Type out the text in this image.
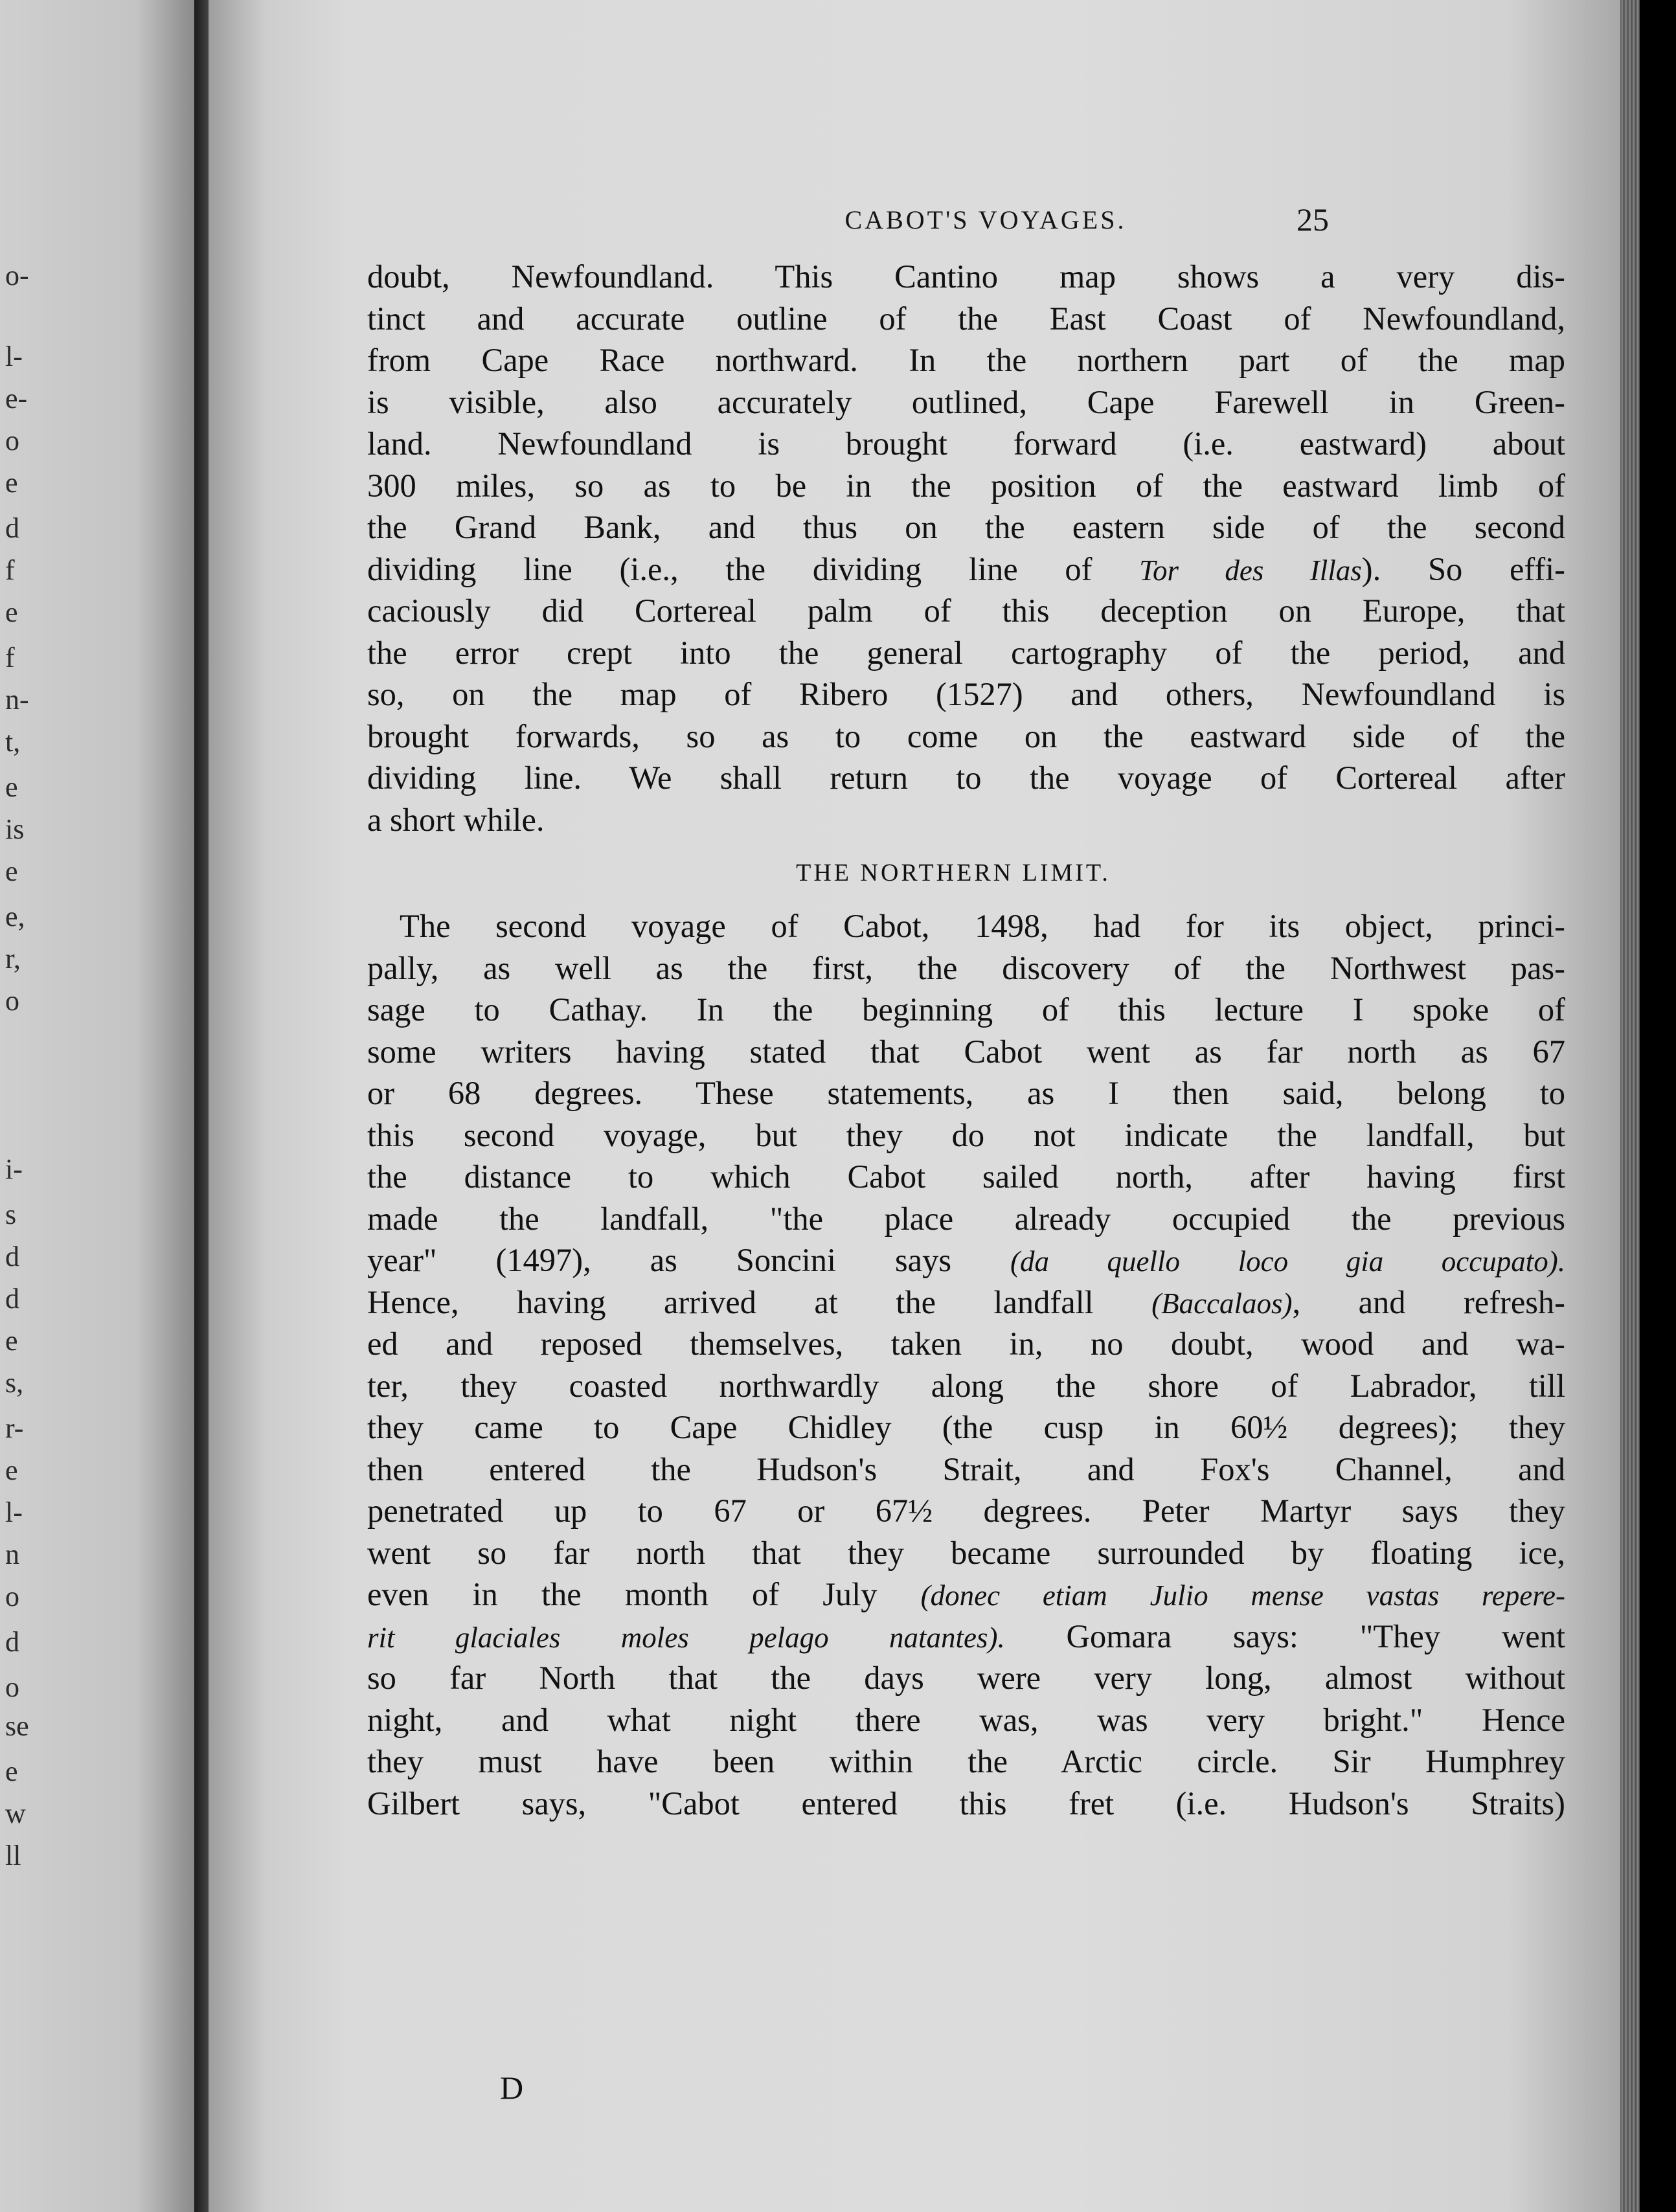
o-
l-
e-
o
e
d
f
e
f
n-
t,
e
is
e
e,
r,
o
i-
s
d
d
e
s,
r-
e
l-
n
o
d
o
se
e
w
ll
CABOT'S VOYAGES.	25
doubt, Newfoundland. This Cantino map shows a very dis-
tinct and accurate outline of the East Coast of Newfoundland,
from Cape Race northward. In the northern part of the map
is visible, also accurately outlined, Cape Farewell in Green-
land. Newfoundland is brought forward (i.e. eastward) about
300 miles, so as to be in the position of the eastward limb of
the Grand Bank, and thus on the eastern side of the second
dividing line (i.e., the dividing line of Tor des Illas). So effi-
caciously did Cortereal palm of this deception on Europe, that
the error crept into the general cartography of the period, and
so, on the map of Ribero (1527) and others, Newfoundland is
brought forwards, so as to come on the eastward side of the
dividing line. We shall return to the voyage of Cortereal after
a short while.
THE NORTHERN LIMIT.
The second voyage of Cabot, 1498, had for its object, princi-
pally, as well as the first, the discovery of the Northwest pas-
sage to Cathay. In the beginning of this lecture I spoke of
some writers having stated that Cabot went as far north as 67
or 68 degrees. These statements, as I then said, belong to
this second voyage, but they do not indicate the landfall, but
the distance to which Cabot sailed north, after having first
made the landfall, "the place already occupied the previous
year" (1497), as Soncini says (da quello loco gia occupato).
Hence, having arrived at the landfall (Baccalaos), and refresh-
ed and reposed themselves, taken in, no doubt, wood and wa-
ter, they coasted northwardly along the shore of Labrador, till
they came to Cape Chidley (the cusp in 60½ degrees); they
then entered the Hudson's Strait, and Fox's Channel, and
penetrated up to 67 or 67½ degrees. Peter Martyr says they
went so far north that they became surrounded by floating ice,
even in the month of July (donec etiam Julio mense vastas repere-
rit glaciales moles pelago natantes). Gomara says: "They went
so far North that the days were very long, almost without
night, and what night there was, was very bright." Hence
they must have been within the Arctic circle. Sir Humphrey
Gilbert says, "Cabot entered this fret (i.e. Hudson's Straits)
D
